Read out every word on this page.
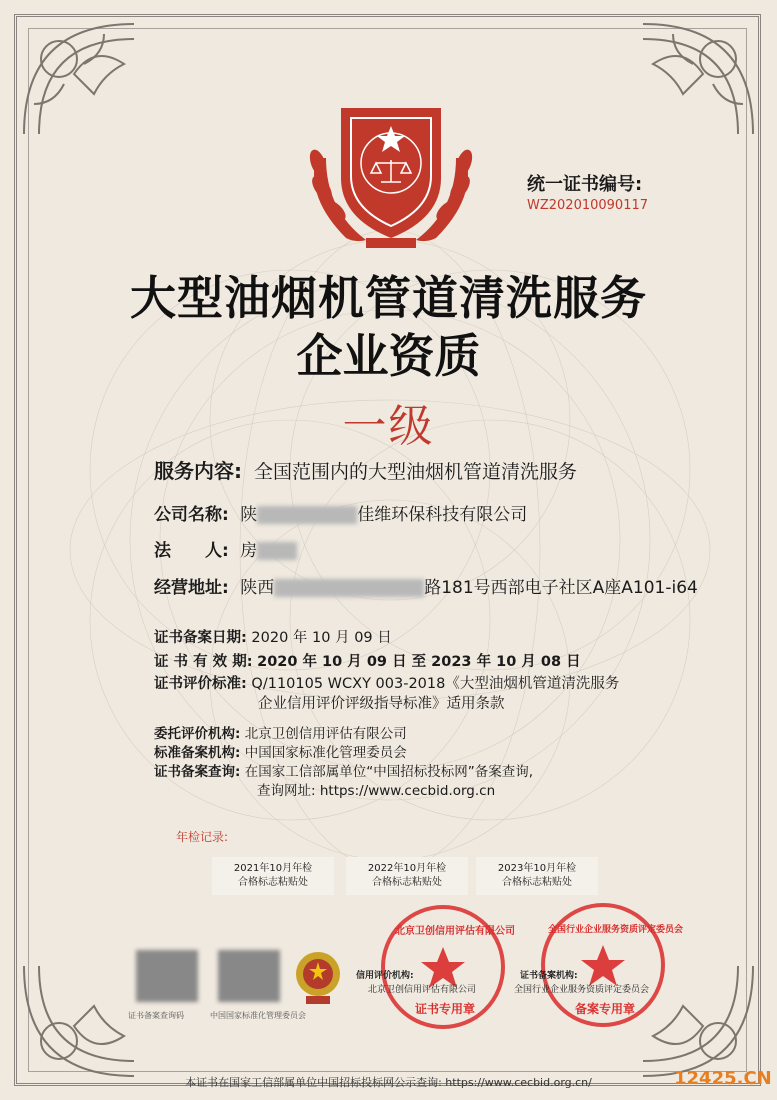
统一证书编号:
WZ202010090117
大型油烟机管道清洗服务
企业资质
一级
服务内容: 全国范围内的大型油烟机管道清洗服务
公司名称: 陕	佳维环保科技有限公司
法　　人: 房
经营地址: 陕西	路181号西部电子社区A座A101-i64
证书备案日期: 2020 年 10 月 09 日
证 书 有 效 期: 2020 年 10 月 09 日 至 2023 年 10 月 08 日
证书评价标准: Q/110105 WCXY 003-2018《大型油烟机管道清洗服务
企业信用评价评级指导标准》适用条款
委托评价机构: 北京卫创信用评估有限公司
标准备案机构: 中国国家标准化管理委员会
证书备案查询: 在国家工信部属单位“中国招标投标网”备案查询,
查询网址: https://www.cecbid.org.cn
年检记录:
2021年10月年检
合格标志粘贴处
2022年10月年检
合格标志粘贴处
2023年10月年检
合格标志粘贴处
证书备案查询码	中国国家标准化管理委员会
北京卫创信用评估有限公司
证书专用章
信用评价机构:
北京卫创信用评估有限公司
全国行业企业服务资质评定委员会
备案专用章
证书备案机构:
全国行业企业服务资质评定委员会
本证书在国家工信部属单位中国招标投标网公示查询: https://www.cecbid.org.cn/	12425.CN
